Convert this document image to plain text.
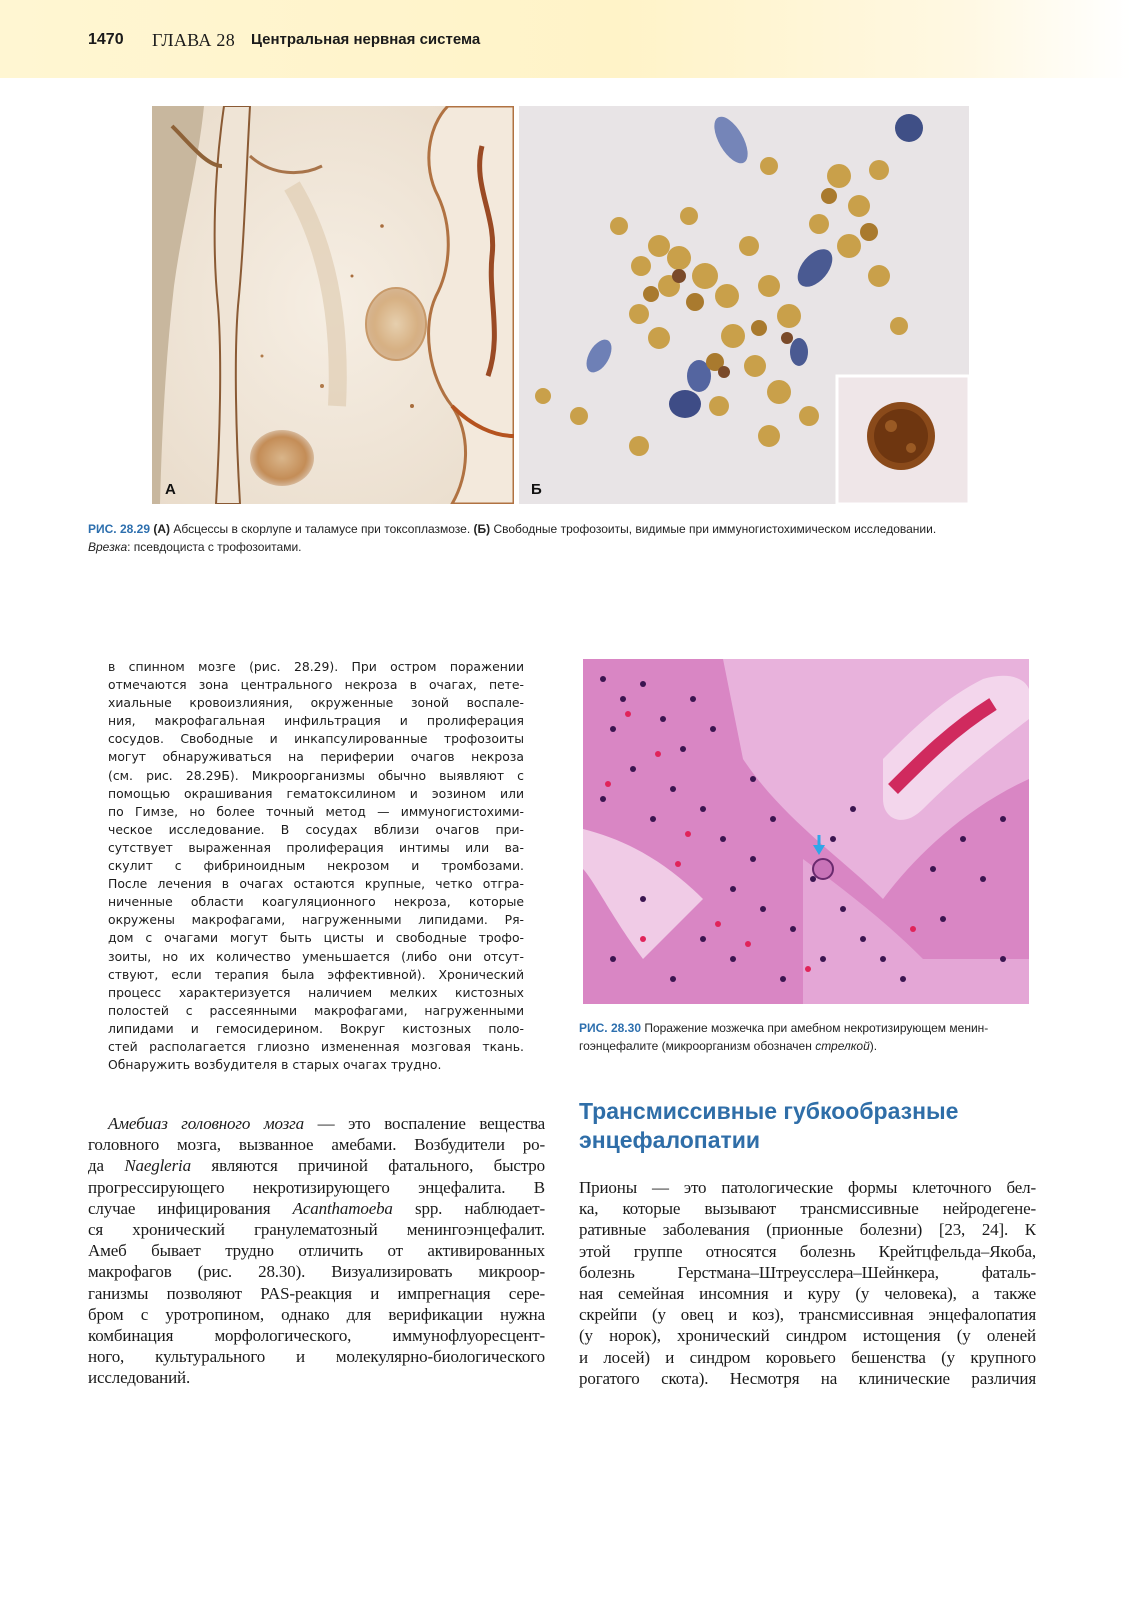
1470 ГЛАВА 28 Центральная нервная система
А	Б
РИС. 28.29 (А) Абсцессы в скорлупе и таламусе при токсоплазмозе. (Б) Свободные трофозоиты, видимые при иммуногистохимическом исследовании.
Врезка: псевдоциста с трофозоитами.
в спинном мозге (рис. 28.29). При остром поражении
отмечаются зона центрального некроза в очагах, пете-
хиальные кровоизлияния, окруженные зоной воспале-
ния, макрофагальная инфильтрация и пролиферация
сосудов. Свободные и инкапсулированные трофозоиты
могут обнаруживаться на периферии очагов некроза
(см. рис. 28.29Б). Микроорганизмы обычно выявляют с
помощью окрашивания гематоксилином и эозином или
по Гимзе, но более точный метод — иммуногистохими-
ческое исследование. В сосудах вблизи очагов при-
сутствует выраженная пролиферация интимы или ва-
скулит с фибриноидным некрозом и тромбозами.
После лечения в очагах остаются крупные, четко отгра-
ниченные области коагуляционного некроза, которые
окружены макрофагами, нагруженными липидами. Ря-
дом с очагами могут быть цисты и свободные трофо-
зоиты, но их количество уменьшается (либо они отсут-
ствуют, если терапия была эффективной). Хронический
процесс характеризуется наличием мелких кистозных
полостей с рассеянными макрофагами, нагруженными
липидами и гемосидерином. Вокруг кистозных поло-
стей располагается глиозно измененная мозговая ткань.
Обнаружить возбудителя в старых очагах трудно.
Амебиаз головного мозга — это воспаление вещества
головного мозга, вызванное амебами. Возбудители ро-
да Naegleria являются причиной фатального, быстро
прогрессирующего некротизирующего энцефалита. В
случае инфицирования Acanthamoeba spp. наблюдает-
ся хронический гранулематозный менингоэнцефалит.
Амеб бывает трудно отличить от активированных
макрофагов (рис. 28.30). Визуализировать микроор-
ганизмы позволяют PAS-реакция и импрегнация сере-
бром с уротропином, однако для верификации нужна
комбинация морфологического, иммунофлуоресцент-
ного, культурального и молекулярно-биологического
исследований.
РИС. 28.30 Поражение мозжечка при амебном некротизирующем менин-
гоэнцефалите (микроорганизм обозначен стрелкой).
Трансмиссивные губкообразные
энцефалопатии
Прионы — это патологические формы клеточного бел-
ка, которые вызывают трансмиссивные нейродегене-
ративные заболевания (прионные болезни) [23, 24]. К
этой группе относятся болезнь Крейтцфельда–Якоба,
болезнь Герстмана–Штреусслера–Шейнкера, фаталь-
ная семейная инсомния и куру (у человека), а также
скрейпи (у овец и коз), трансмиссивная энцефалопатия
(у норок), хронический синдром истощения (у оленей
и лосей) и синдром коровьего бешенства (у крупного
рогатого скота). Несмотря на клинические различия
